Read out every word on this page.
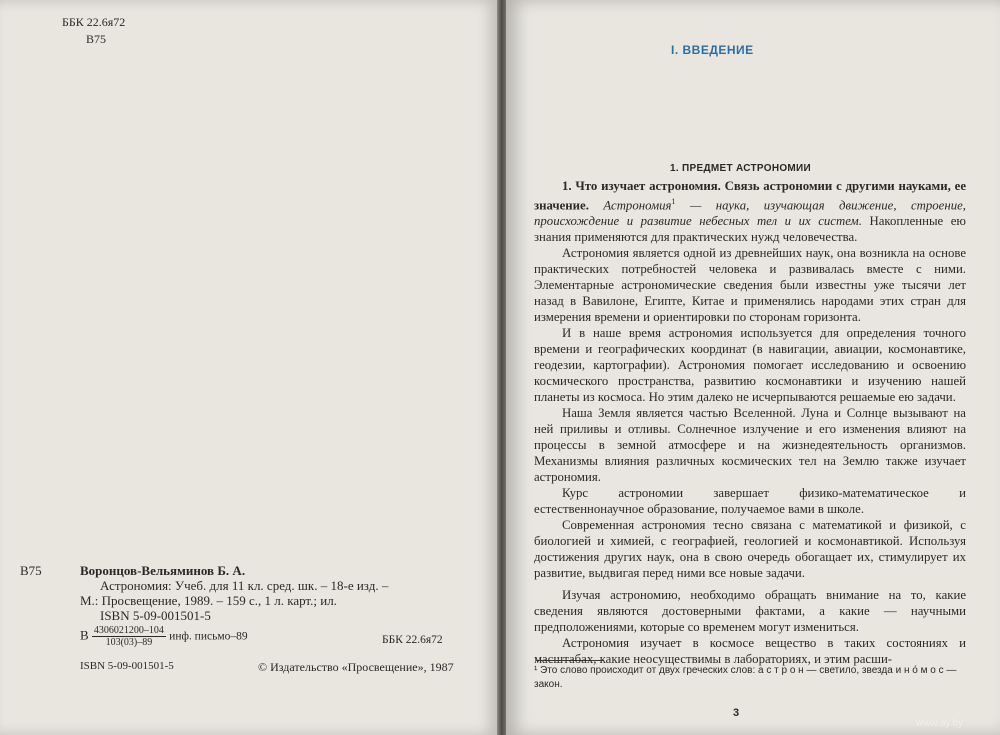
ББК 22.6я72
В75
В75	Воронцов-Вельяминов Б. А.
Астрономия: Учеб. для 11 кл. сред. шк. – 18-е изд. –
М.: Просвещение, 1989. – 159 с., 1 л. карт.; ил.
ISBN 5-09-001501-5
В $\frac{4306021200-104}{103(03)-89}$ инф. письмо–89	ББК 22.6я72
ISBN 5-09-001501-5	© Издательство «Просвещение», 1987
I. ВВЕДЕНИЕ
1. ПРЕДМЕТ АСТРОНОМИИ

1. Что изучает астрономия. Связь астрономии с другими науками, ее значение. Астрономия$^1$ — наука, изучающая движение, строение, происхождение и развитие небесных тел и их систем. Накопленные ею знания применяются для практических нужд человечества.

Астрономия является одной из древнейших наук, она возникла на основе практических потребностей человека и развивалась вместе с ними. Элементарные астрономические сведения были известны уже тысячи лет назад в Вавилоне, Египте, Китае и применялись народами этих стран для измерения времени и ориентировки по сторонам горизонта.

И в наше время астрономия используется для определения точного времени и географических координат (в навигации, авиации, космонавтике, геодезии, картографии). Астрономия помогает исследованию и освоению космического пространства, развитию космонавтики и изучению нашей планеты из космоса. Но этим далеко не исчерпываются решаемые ею задачи.

Наша Земля является частью Вселенной. Луна и Солнце вызывают на ней приливы и отливы. Солнечное излучение и его изменения влияют на процессы в земной атмосфере и на жизнедеятельность организмов. Механизмы влияния различных космических тел на Землю также изучает астрономия.

Курс астрономии завершает физико-математическое и естественнонаучное образование, получаемое вами в школе.

Современная астрономия тесно связана с математикой и физикой, с биологией и химией, с географией, геологией и космонавтикой. Используя достижения других наук, она в свою очередь обогащает их, стимулирует их развитие, выдвигая перед ними все новые задачи.

Изучая астрономию, необходимо обращать внимание на то, какие сведения являются достоверными фактами, а какие — научными предположениями, которые со временем могут измениться.

Астрономия изучает в космосе вещество в таких состояниях и масштабах, какие неосуществимы в лабораториях, и этим расши-

¹ Это слово происходит от двух греческих слов: а с т р о н — светило, звезда и н о́ м о с — закон.
3
www.ay.by
